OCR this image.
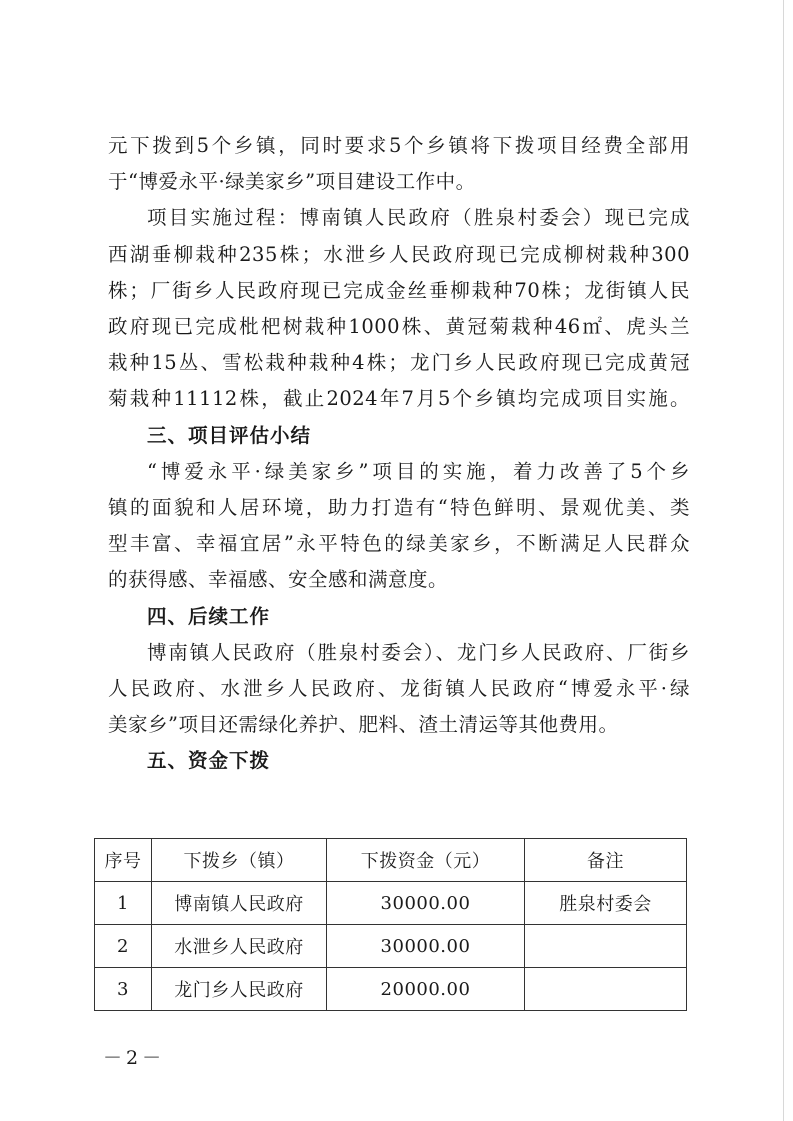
元下拨到5个乡镇，同时要求5个乡镇将下拨项目经费全部用

于“博爱永平·绿美家乡”项目建设工作中。

项目实施过程：博南镇人民政府（胜泉村委会）现已完成

西湖垂柳栽种235株；水泄乡人民政府现已完成柳树栽种300

株；厂街乡人民政府现已完成金丝垂柳栽种70株；龙街镇人民

政府现已完成枇杷树栽种1000株、黄冠菊栽种46㎡、虎头兰

栽种15丛、雪松栽种栽种4株；龙门乡人民政府现已完成黄冠

菊栽种11112株，截止2024年7月5个乡镇均完成项目实施。

三、项目评估小结

“博爱永平·绿美家乡”项目的实施，着力改善了5个乡

镇的面貌和人居环境，助力打造有“特色鲜明、景观优美、类

型丰富、幸福宜居”永平特色的绿美家乡，不断满足人民群众

的获得感、幸福感、安全感和满意度。

四、后续工作

博南镇人民政府（胜泉村委会）、龙门乡人民政府、厂街乡

人民政府、水泄乡人民政府、龙街镇人民政府“博爱永平·绿

美家乡”项目还需绿化养护、肥料、渣土清运等其他费用。

五、资金下拨

序号	下拨乡（镇）	下拨资金（元）	备注
1	博南镇人民政府	30000.00	胜泉村委会
2	水泄乡人民政府	30000.00	
3	龙门乡人民政府	20000.00	
－2－
